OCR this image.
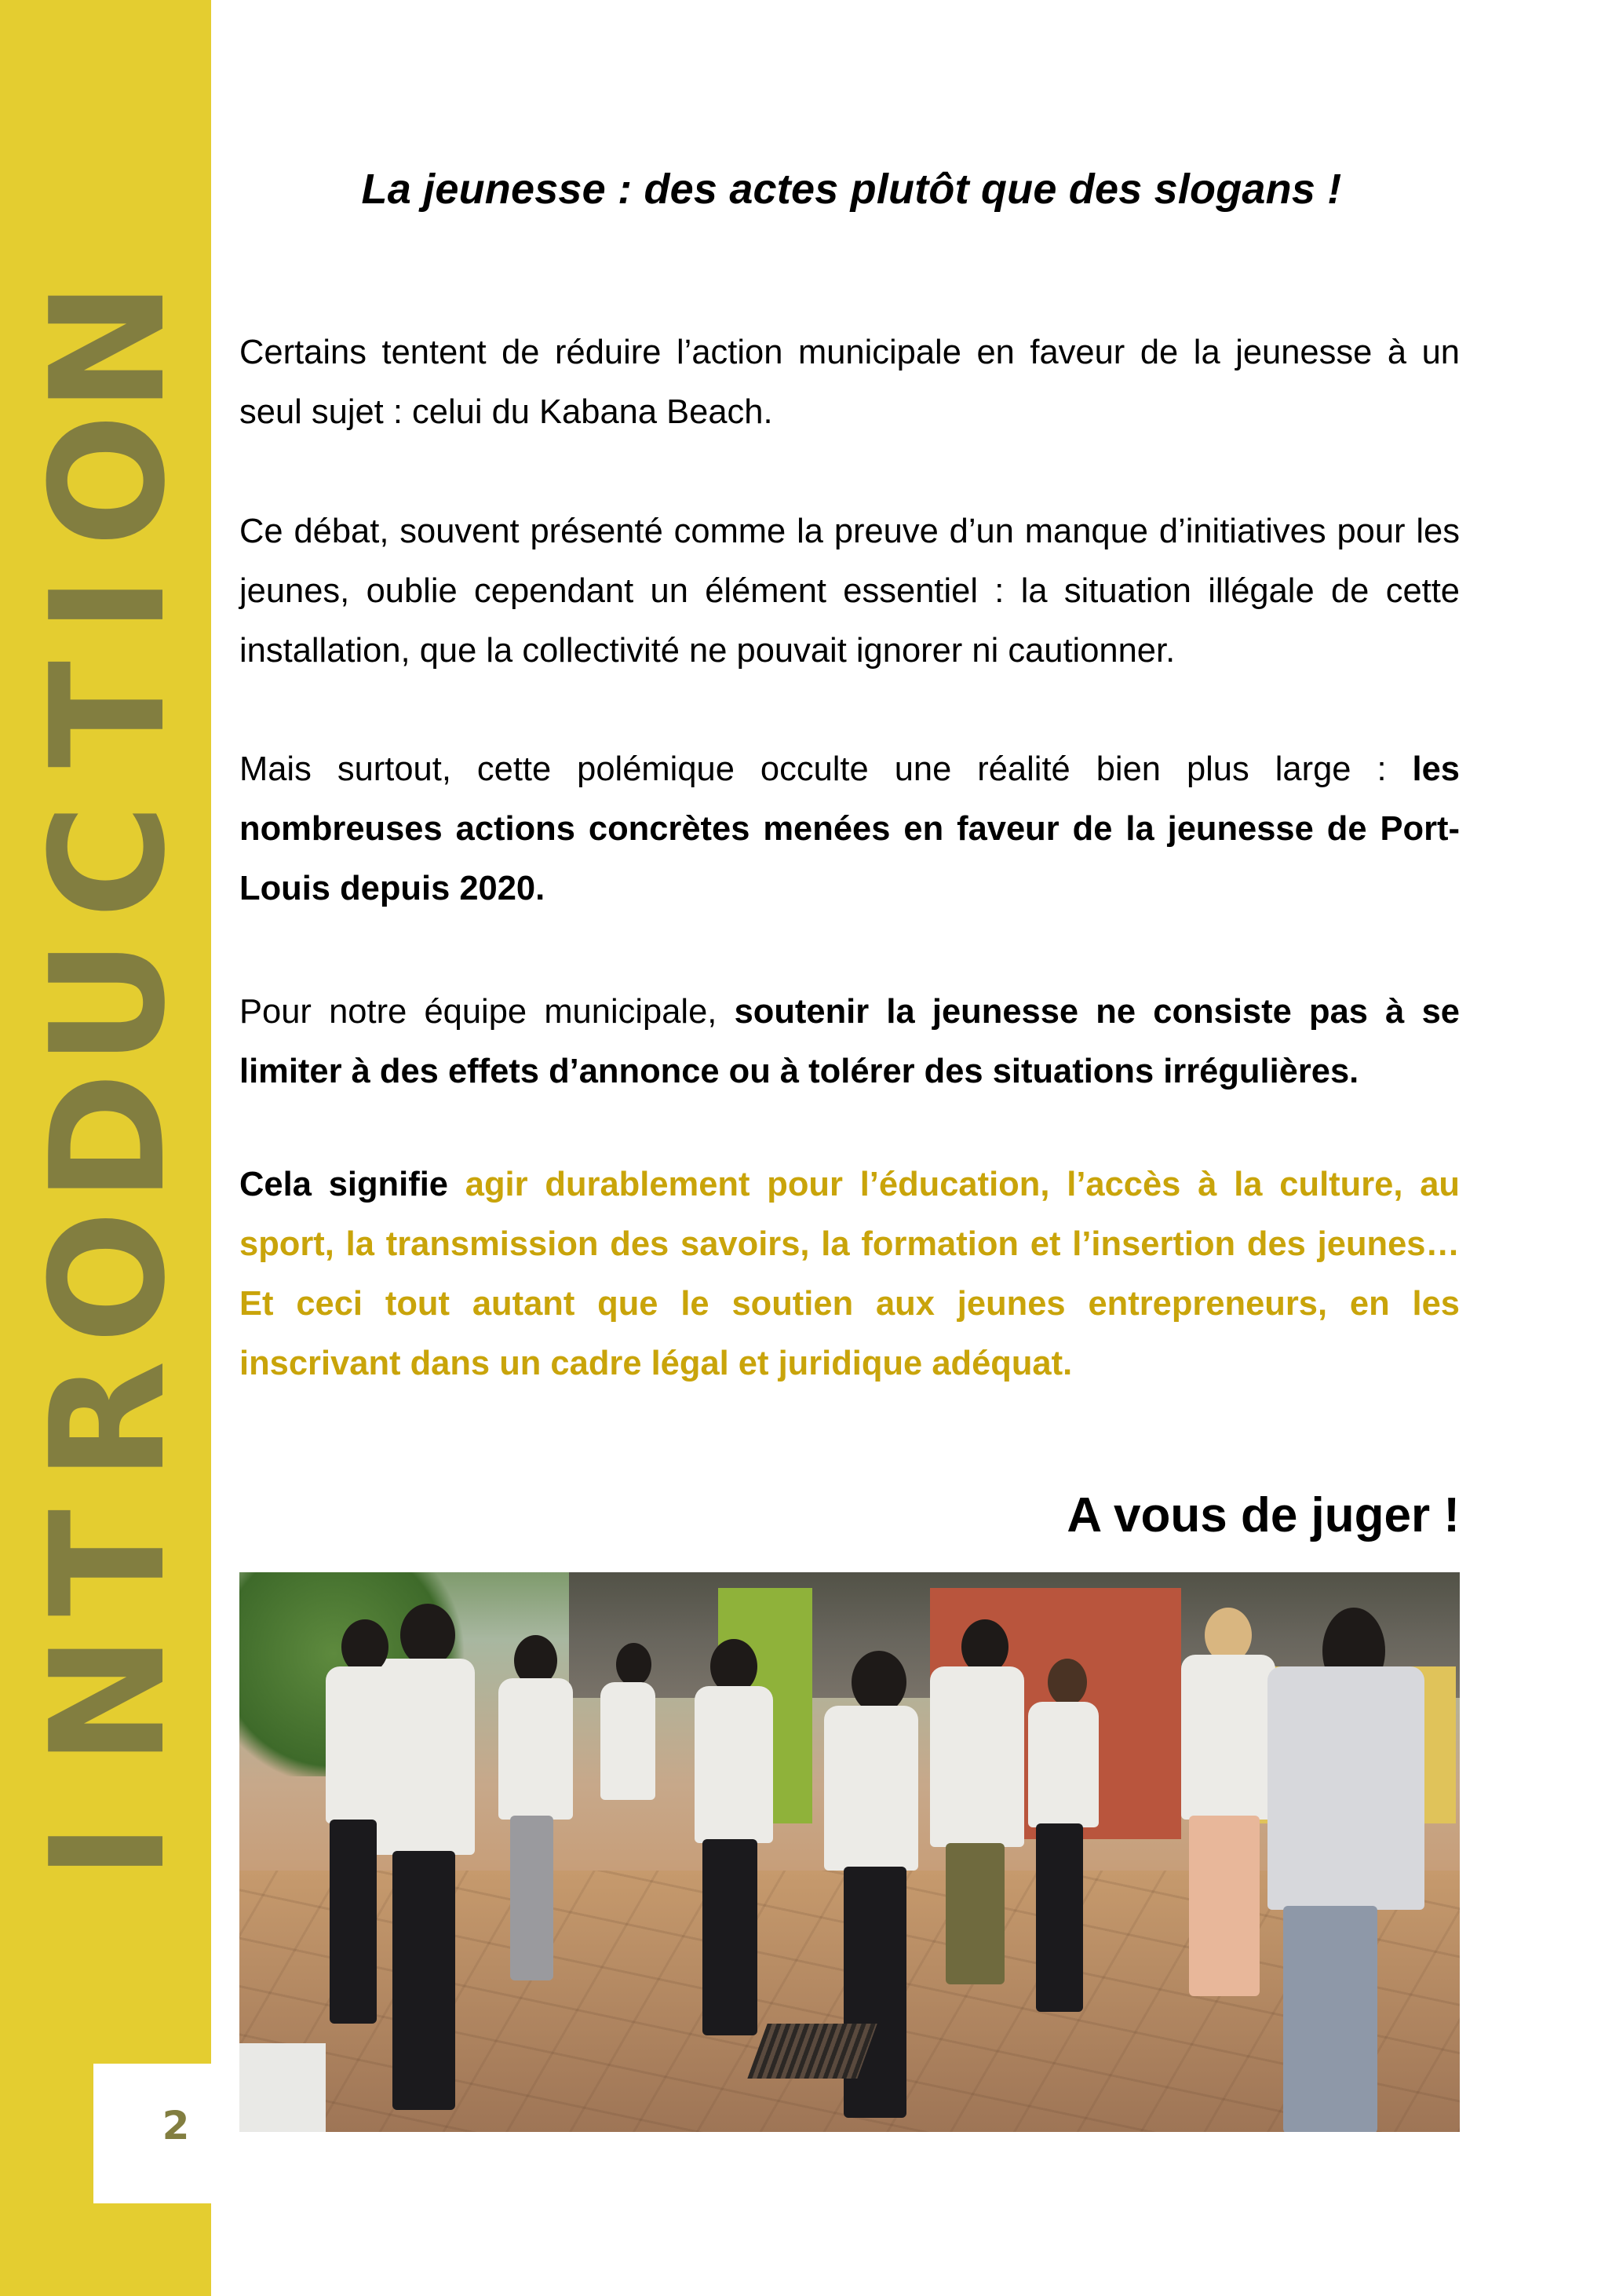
I
N
T
R
O
D
U
C
T
I
O
N
2
La jeunesse : des actes plutôt que des slogans !

Certains tentent de réduire l’action municipale en faveur de la jeunesse à un seul sujet : celui du Kabana Beach.

Ce débat, souvent présenté comme la preuve d’un manque d’initiatives pour les jeunes, oublie cependant un élément essentiel : la situation illégale de cette installation, que la collectivité ne pouvait ignorer ni cautionner.

Mais surtout, cette polémique occulte une réalité bien plus large : les nombreuses actions concrètes menées en faveur de la jeunesse de Port-Louis depuis 2020.

Pour notre équipe municipale, soutenir la jeunesse ne consiste pas à se limiter à des effets d’annonce ou à tolérer des situations irrégulières.

Cela signifie agir durablement pour l’éducation, l’accès à la culture, au sport, la transmission des savoirs, la formation et l’insertion des jeunes… Et ceci tout autant que le soutien aux jeunes entrepreneurs, en les inscrivant dans un cadre légal et juridique adéquat.

A vous de juger !
